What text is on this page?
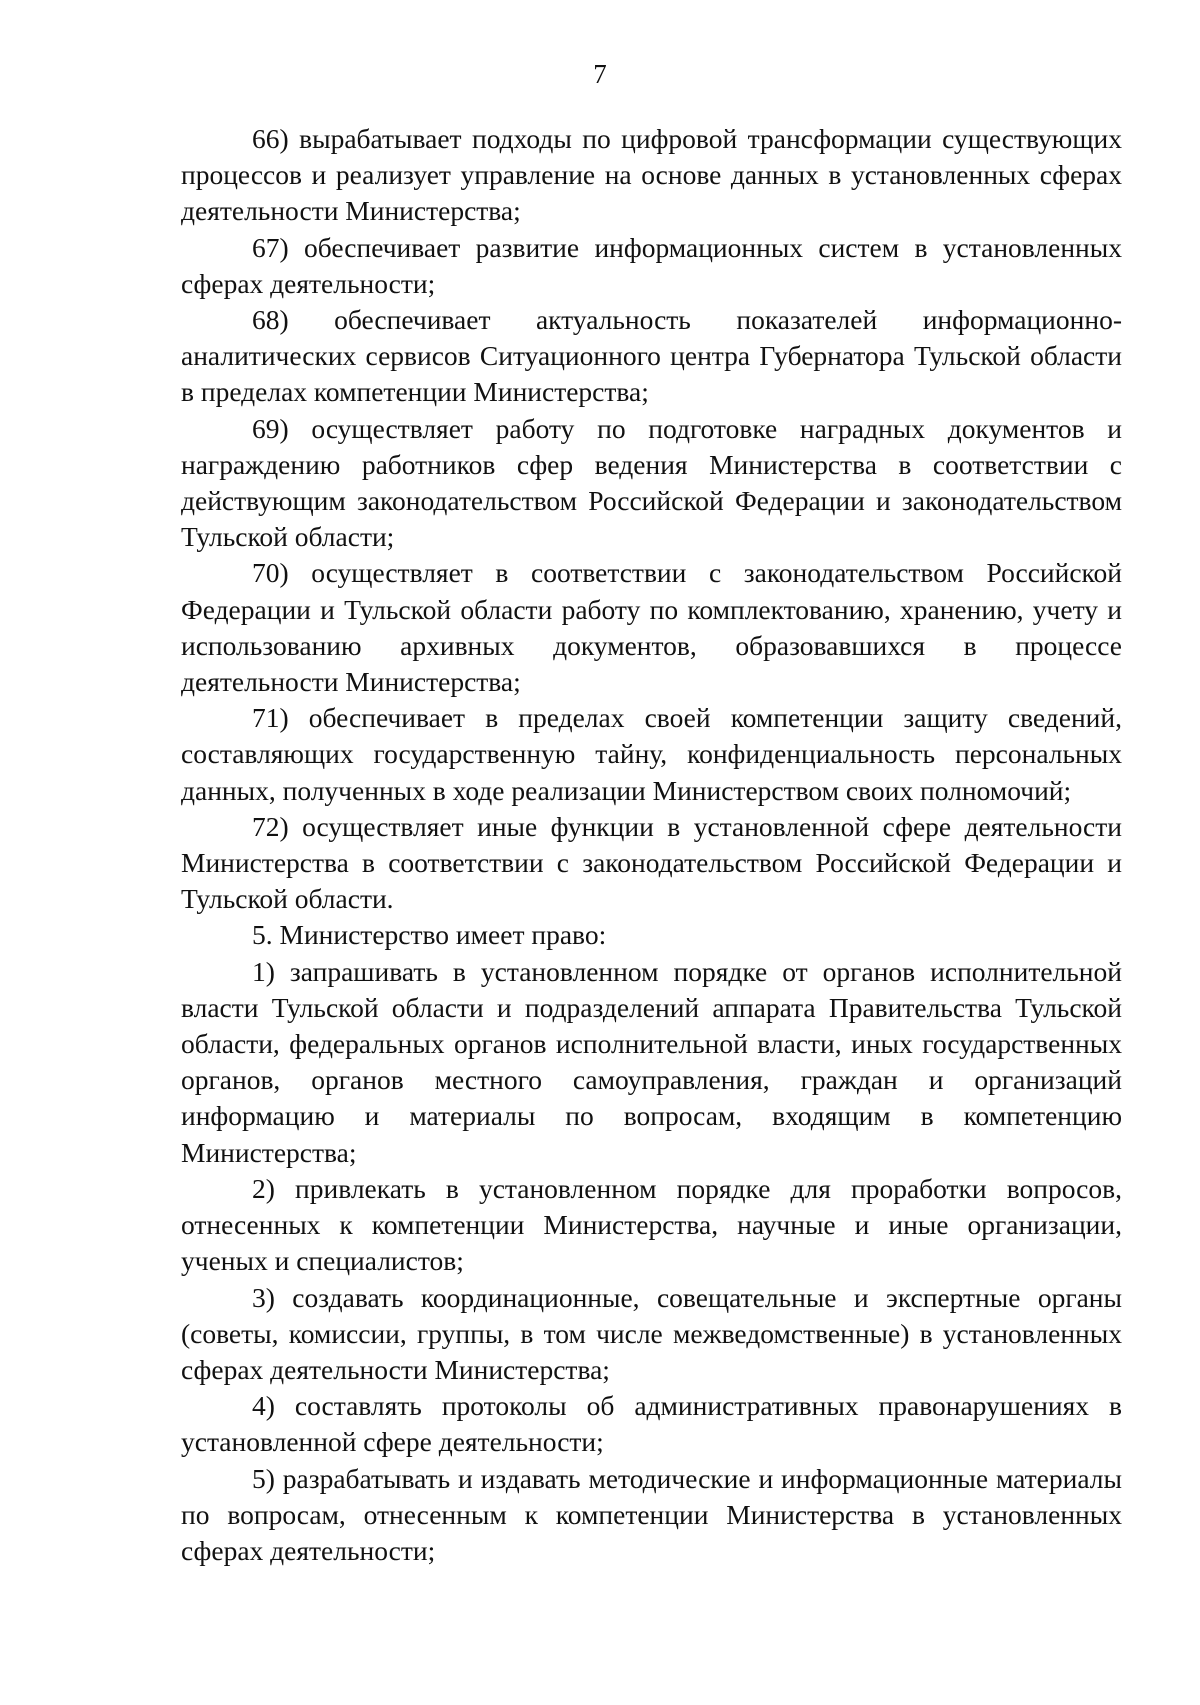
7

66) вырабатывает подходы по цифровой трансформации существующих процессов и реализует управление на основе данных в установленных сферах деятельности Министерства;

67) обеспечивает развитие информационных систем в установленных сферах деятельности;

68) обеспечивает актуальность показателей информационно-аналитических сервисов Ситуационного центра Губернатора Тульской области в пределах компетенции Министерства;

69) осуществляет работу по подготовке наградных документов и награждению работников сфер ведения Министерства в соответствии с действующим законодательством Российской Федерации и законодательством Тульской области;

70) осуществляет в соответствии с законодательством Российской Федерации и Тульской области работу по комплектованию, хранению, учету и использованию архивных документов, образовавшихся в процессе деятельности Министерства;

71) обеспечивает в пределах своей компетенции защиту сведений, составляющих государственную тайну, конфиденциальность персональных данных, полученных в ходе реализации Министерством своих полномочий;

72) осуществляет иные функции в установленной сфере деятельности Министерства в соответствии с законодательством Российской Федерации и Тульской области.

5. Министерство имеет право:

1) запрашивать в установленном порядке от органов исполнительной власти Тульской области и подразделений аппарата Правительства Тульской области, федеральных органов исполнительной власти, иных государственных органов, органов местного самоуправления, граждан и организаций информацию и материалы по вопросам, входящим в компетенцию Министерства;

2) привлекать в установленном порядке для проработки вопросов, отнесенных к компетенции Министерства, научные и иные организации, ученых и специалистов;

3) создавать координационные, совещательные и экспертные органы (советы, комиссии, группы, в том числе межведомственные) в установленных сферах деятельности Министерства;

4) составлять протоколы об административных правонарушениях в установленной сфере деятельности;

5) разрабатывать и издавать методические и информационные материалы по вопросам, отнесенным к компетенции Министерства в установленных сферах деятельности;
